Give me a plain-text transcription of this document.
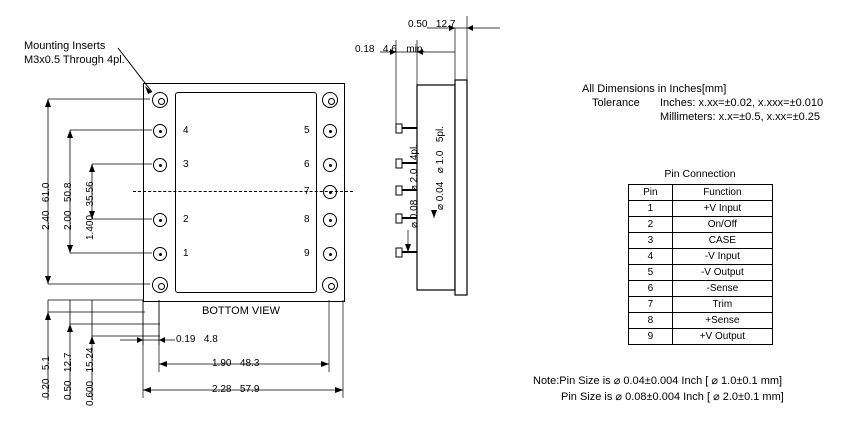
4
3
2
1
5
6
7
8
9
Mounting Inserts
M3x0.5 Through 4pl.
2.40 61.0
2.00 50.8
1.400 35.56
0.20 5.1
0.50 12.7
0.600 15.24
0.19 4.8
1.90 48.3
2.28 57.9
BOTTOM VIEW
0.50 12.7
0.18 4.6 min.
⌀ 0.08 ⌀ 2.0 4pl.
⌀ 0.04 ⌀ 1.0 5pl.
All Dimensions in Inches[mm]
Tolerance Inches: x.xx=±0.02, x.xxx=±0.010
Millimeters: x.x=±0.5, x.xx=±0.25
Pin Connection
Pin	Function
1	+V Input
2	On/Off
3	CASE
4	-V Input
5	-V Output
6	-Sense
7	Trim
8	+Sense
9	+V Output
Note:Pin Size is ⌀ 0.04±0.004 Inch [ ⌀ 1.0±0.1 mm]
Pin Size is ⌀ 0.08±0.004 Inch [ ⌀ 2.0±0.1 mm]
